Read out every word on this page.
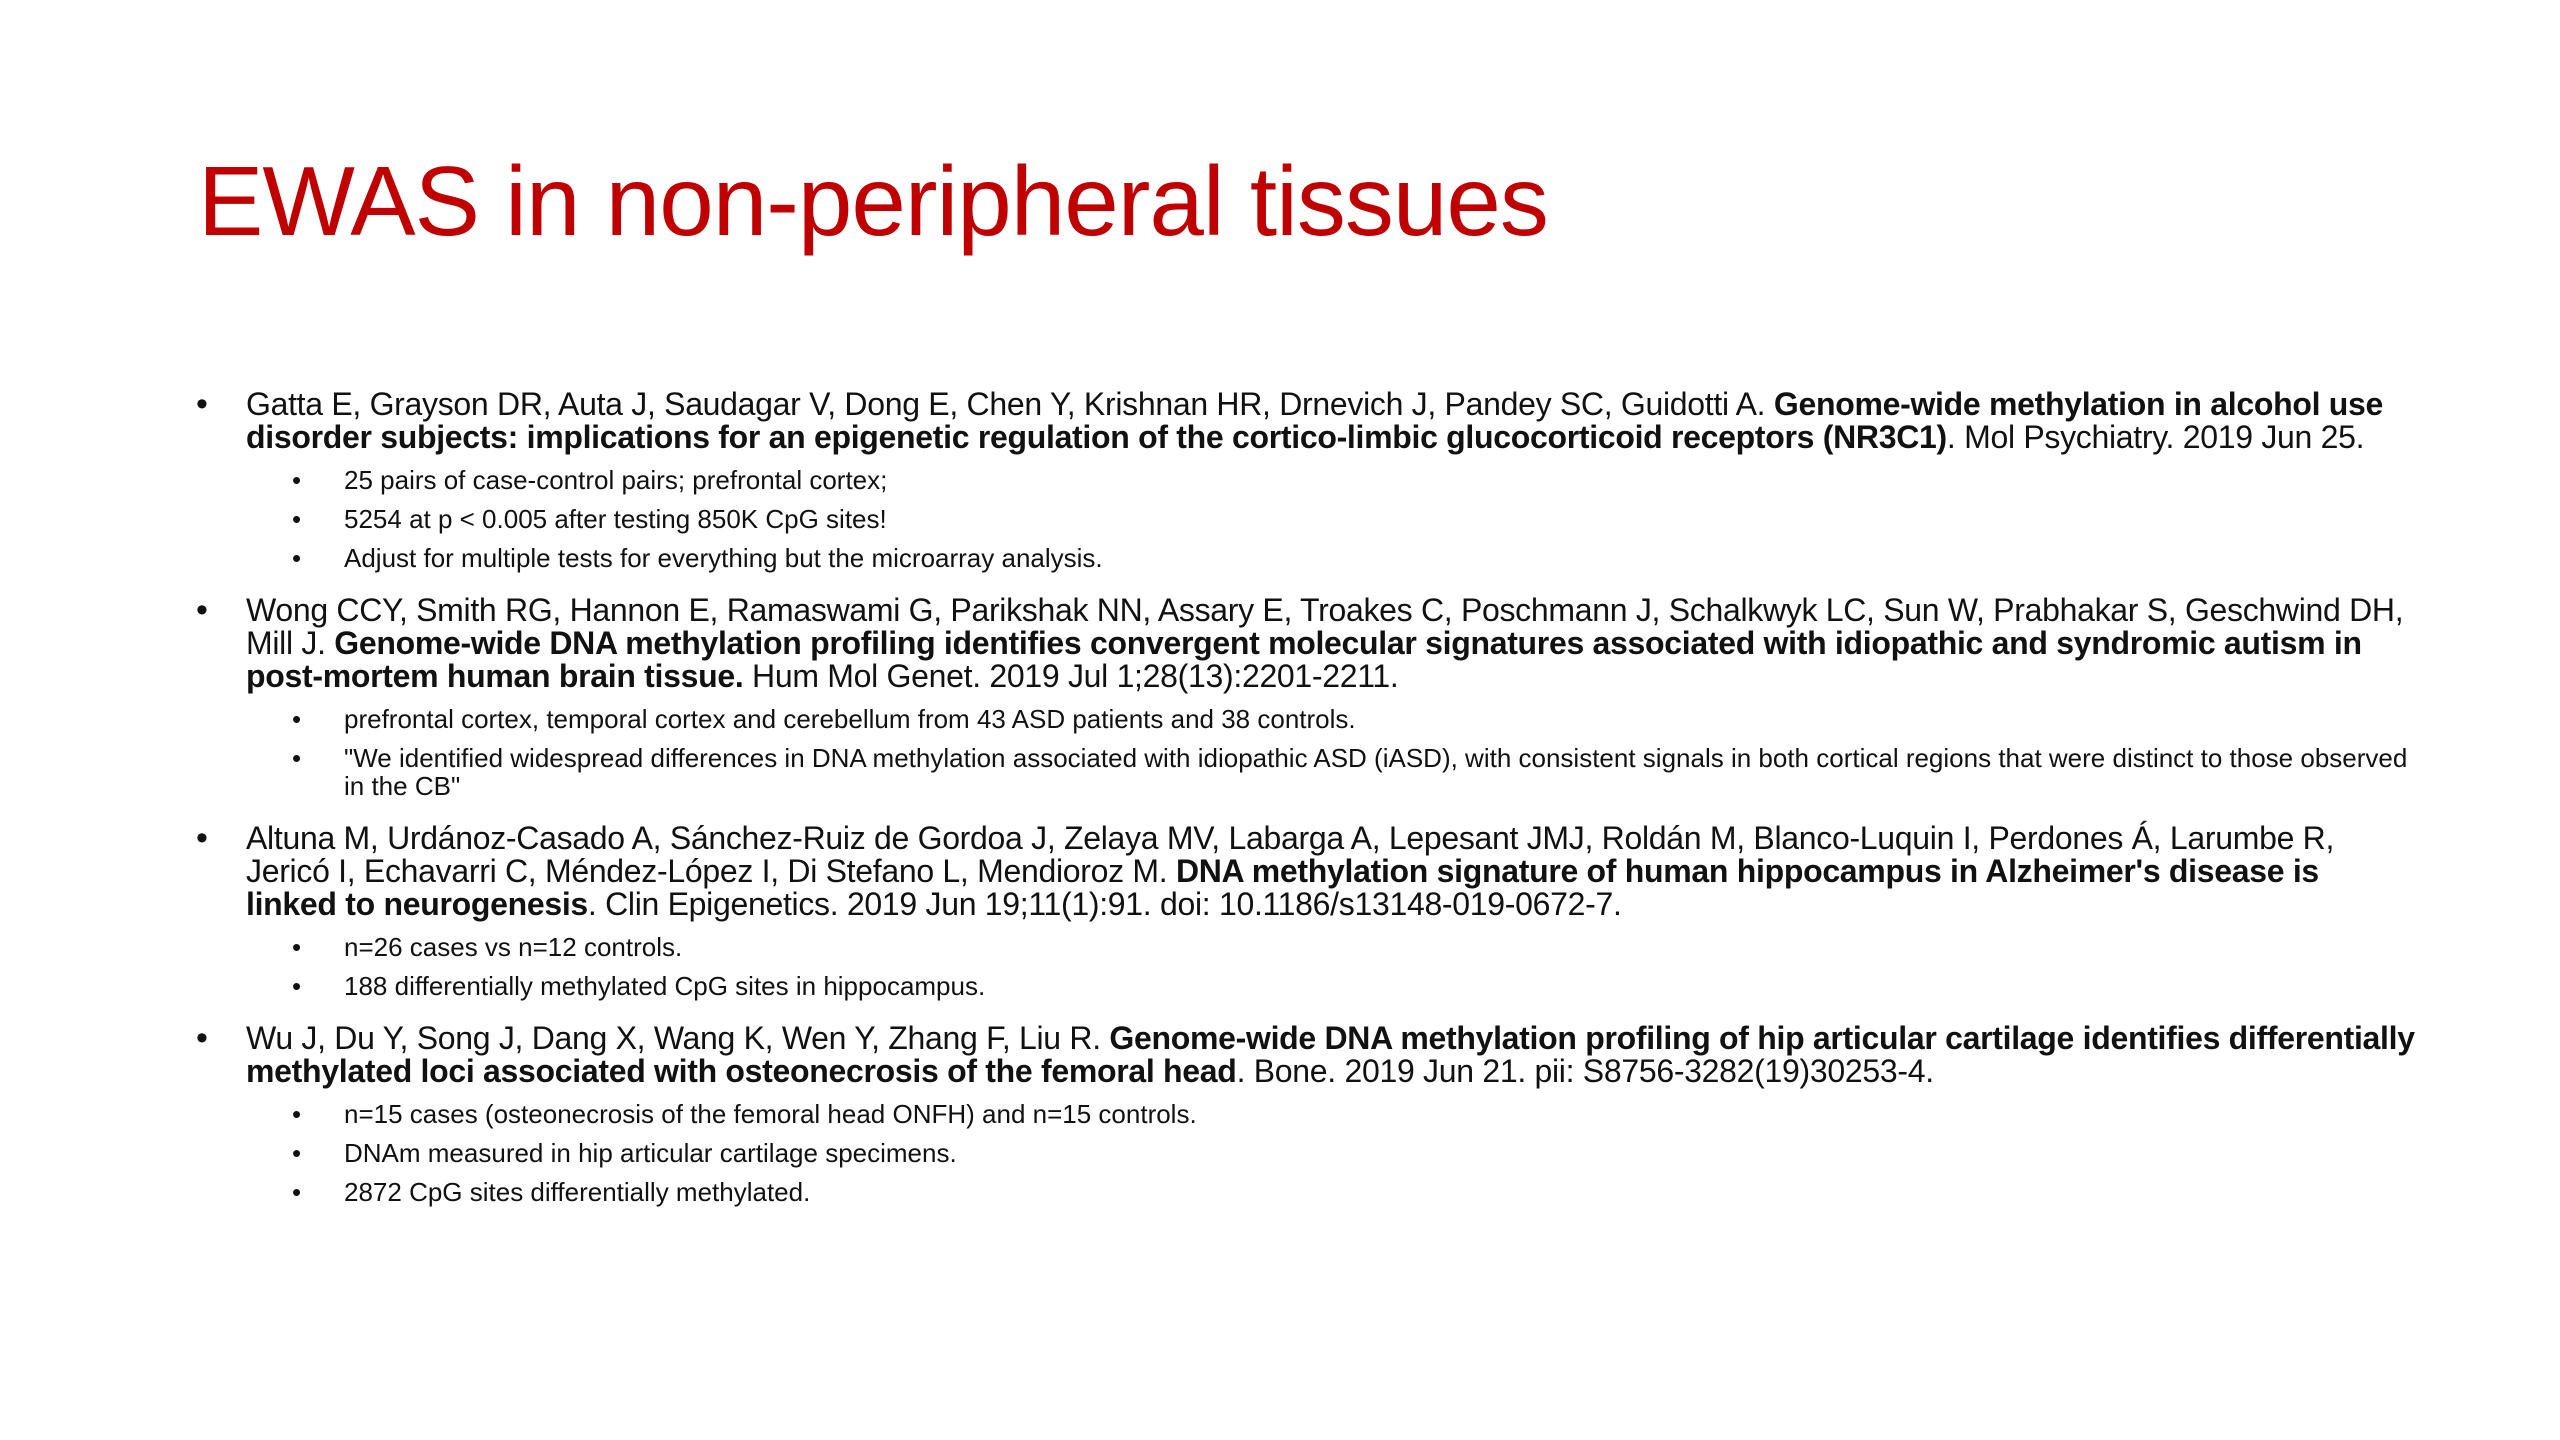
EWAS in non-peripheral tissues
• Gatta E, Grayson DR, Auta J, Saudagar V, Dong E, Chen Y, Krishnan HR, Drnevich J, Pandey SC, Guidotti A. Genome-wide methylation in alcohol use disorder subjects: implications for an epigenetic regulation of the cortico-limbic glucocorticoid receptors (NR3C1). Mol Psychiatry. 2019 Jun 25.
•	25 pairs of case-control pairs; prefrontal cortex;
•	5254 at p < 0.005 after testing 850K CpG sites!
•	Adjust for multiple tests for everything but the microarray analysis.
• Wong CCY, Smith RG, Hannon E, Ramaswami G, Parikshak NN, Assary E, Troakes C, Poschmann J, Schalkwyk LC, Sun W, Prabhakar S, Geschwind DH, Mill J. Genome-wide DNA methylation profiling identifies convergent molecular signatures associated with idiopathic and syndromic autism in post-mortem human brain tissue. Hum Mol Genet. 2019 Jul 1;28(13):2201-2211.
•	prefrontal cortex, temporal cortex and cerebellum from 43 ASD patients and 38 controls.
•	"We identified widespread differences in DNA methylation associated with idiopathic ASD (iASD), with consistent signals in both cortical regions that were distinct to those observed in the CB"
• Altuna M, Urdánoz-Casado A, Sánchez-Ruiz de Gordoa J, Zelaya MV, Labarga A, Lepesant JMJ, Roldán M, Blanco-Luquin I, Perdones Á, Larumbe R, Jericó I, Echavarri C, Méndez-López I, Di Stefano L, Mendioroz M. DNA methylation signature of human hippocampus in Alzheimer's disease is linked to neurogenesis. Clin Epigenetics. 2019 Jun 19;11(1):91. doi: 10.1186/s13148-019-0672-7.
•	n=26 cases vs n=12 controls.
•	188 differentially methylated CpG sites in hippocampus.
• Wu J, Du Y, Song J, Dang X, Wang K, Wen Y, Zhang F, Liu R. Genome-wide DNA methylation profiling of hip articular cartilage identifies differentially methylated loci associated with osteonecrosis of the femoral head. Bone. 2019 Jun 21. pii: S8756-3282(19)30253-4.
•	n=15 cases (osteonecrosis of the femoral head ONFH) and n=15 controls.
•	DNAm measured in hip articular cartilage specimens.
•	2872 CpG sites differentially methylated.
